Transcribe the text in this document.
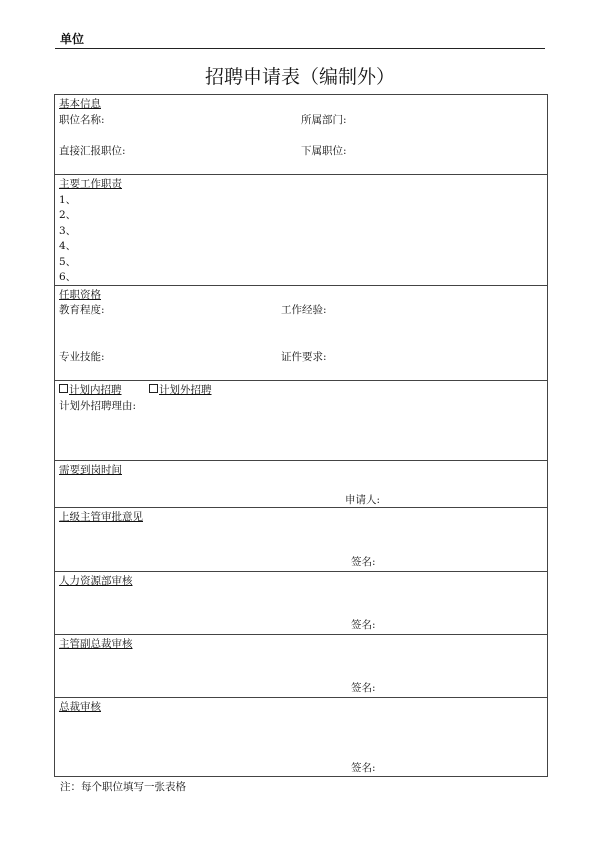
单位
招聘申请表（编制外）
基本信息
职位名称:	所属部门:
直接汇报职位:	下属职位:
主要工作职责
1、
2、
3、
4、
5、
6、
任职资格
教育程度:	工作经验:
专业技能:	证件要求:
计划内招聘	计划外招聘
计划外招聘理由:
需要到岗时间
申请人:
上级主管审批意见
签名:
人力资源部审核
签名:
主管副总裁审核
签名:
总裁审核
签名:
注：每个职位填写一张表格
